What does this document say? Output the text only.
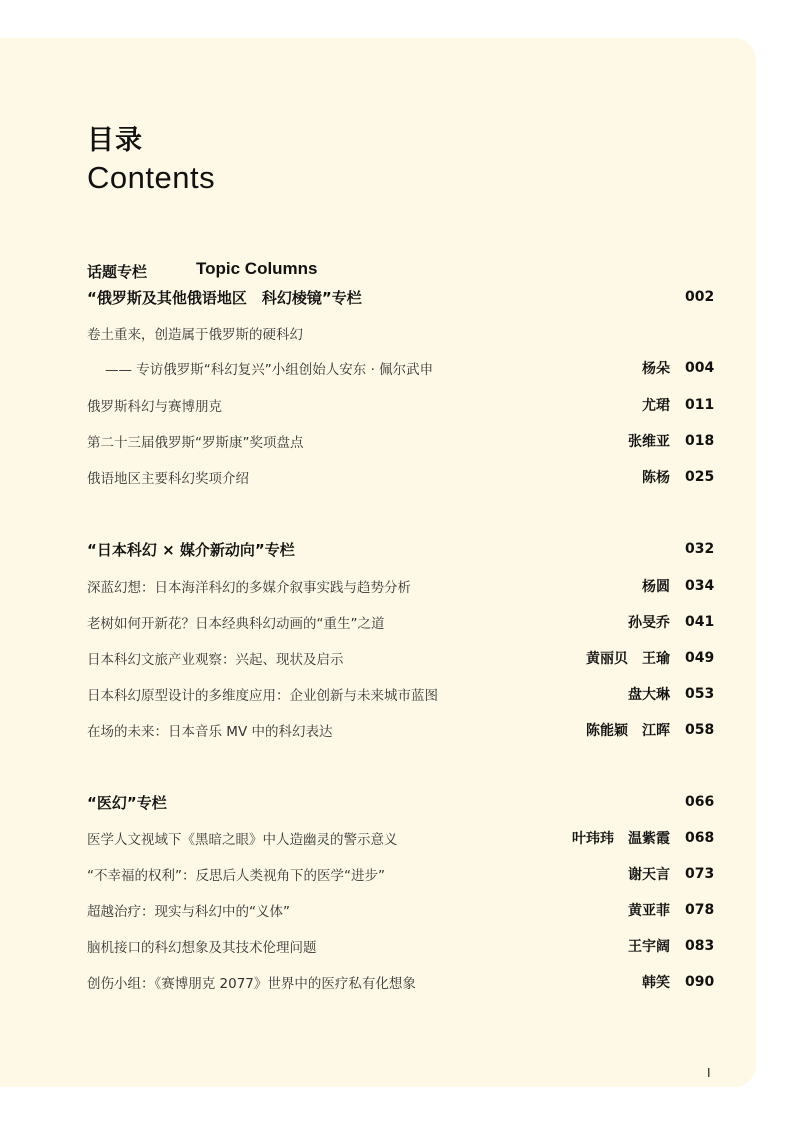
目录
Contents
话题专栏	Topic Columns
“俄罗斯及其他俄语地区　科幻棱镜”专栏	002
卷土重来，创造属于俄罗斯的硬科幻
—— 专访俄罗斯“科幻复兴”小组创始人安东 · 佩尔武申	杨朵 004
俄罗斯科幻与赛博朋克	尤珺 011
第二十三届俄罗斯“罗斯康”奖项盘点	张维亚 018
俄语地区主要科幻奖项介绍	陈杨 025
“日本科幻 × 媒介新动向”专栏	032
深蓝幻想：日本海洋科幻的多媒介叙事实践与趋势分析	杨圆 034
老树如何开新花？日本经典科幻动画的“重生”之道	孙旻乔 041
日本科幻文旅产业观察：兴起、现状及启示	黄丽贝　王瑜 049
日本科幻原型设计的多维度应用：企业创新与未来城市蓝图	盘大琳 053
在场的未来：日本音乐 MV 中的科幻表达	陈能颖　江晖 058
“医幻”专栏	066
医学人文视域下《黑暗之眼》中人造幽灵的警示意义	叶玮玮　温紫霞 068
“不幸福的权利”：反思后人类视角下的医学“进步”	谢天言 073
超越治疗：现实与科幻中的“义体”	黄亚菲 078
脑机接口的科幻想象及其技术伦理问题	王宇阔 083
创伤小组：《赛博朋克 2077》世界中的医疗私有化想象	韩笑 090
I
